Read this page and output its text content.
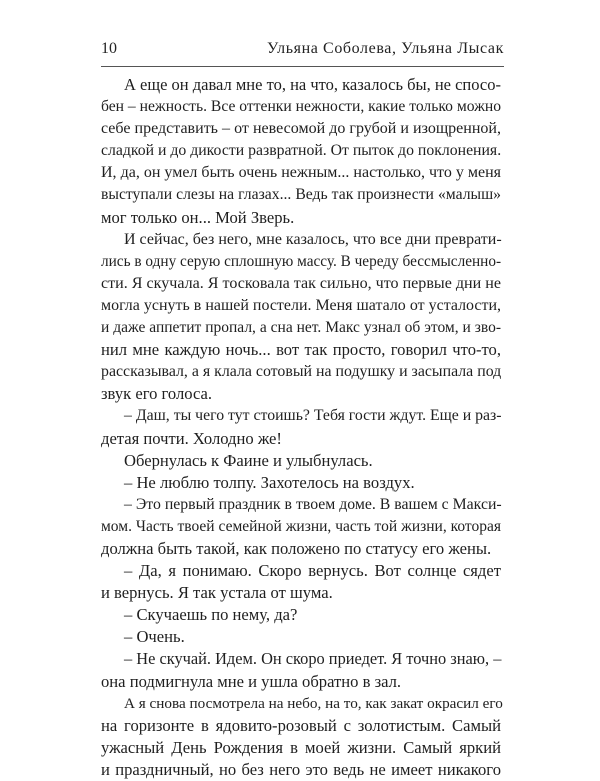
10	Ульяна Соболева, Ульяна Лысак
А еще он давал мне то, на что, казалось бы, не спосо-
бен – нежность. Все оттенки нежности, какие только можно
себе представить – от невесомой до грубой и изощренной,
сладкой и до дикости развратной. От пыток до поклонения.
И, да, он умел быть очень нежным... настолько, что у меня
выступали слезы на глазах... Ведь так произнести «малыш»
мог только он... Мой Зверь.
И сейчас, без него, мне казалось, что все дни преврати-
лись в одну серую сплошную массу. В череду бессмысленно-
сти. Я скучала. Я тосковала так сильно, что первые дни не
могла уснуть в нашей постели. Меня шатало от усталости,
и даже аппетит пропал, а сна нет. Макс узнал об этом, и зво-
нил мне каждую ночь... вот так просто, говорил что-то,
рассказывал, а я клала сотовый на подушку и засыпала под
звук его голоса.
– Даш, ты чего тут стоишь? Тебя гости ждут. Еще и раз-
детая почти. Холодно же!
Обернулась к Фаине и улыбнулась.
– Не люблю толпу. Захотелось на воздух.
– Это первый праздник в твоем доме. В вашем с Макси-
мом. Часть твоей семейной жизни, часть той жизни, которая
должна быть такой, как положено по статусу его жены.
– Да, я понимаю. Скоро вернусь. Вот солнце сядет
и вернусь. Я так устала от шума.
– Скучаешь по нему, да?
– Очень.
– Не скучай. Идем. Он скоро приедет. Я точно знаю, –
она подмигнула мне и ушла обратно в зал.
А я снова посмотрела на небо, на то, как закат окрасил его
на горизонте в ядовито-розовый с золотистым. Самый
ужасный День Рождения в моей жизни. Самый яркий
и праздничный, но без него это ведь не имеет никакого
